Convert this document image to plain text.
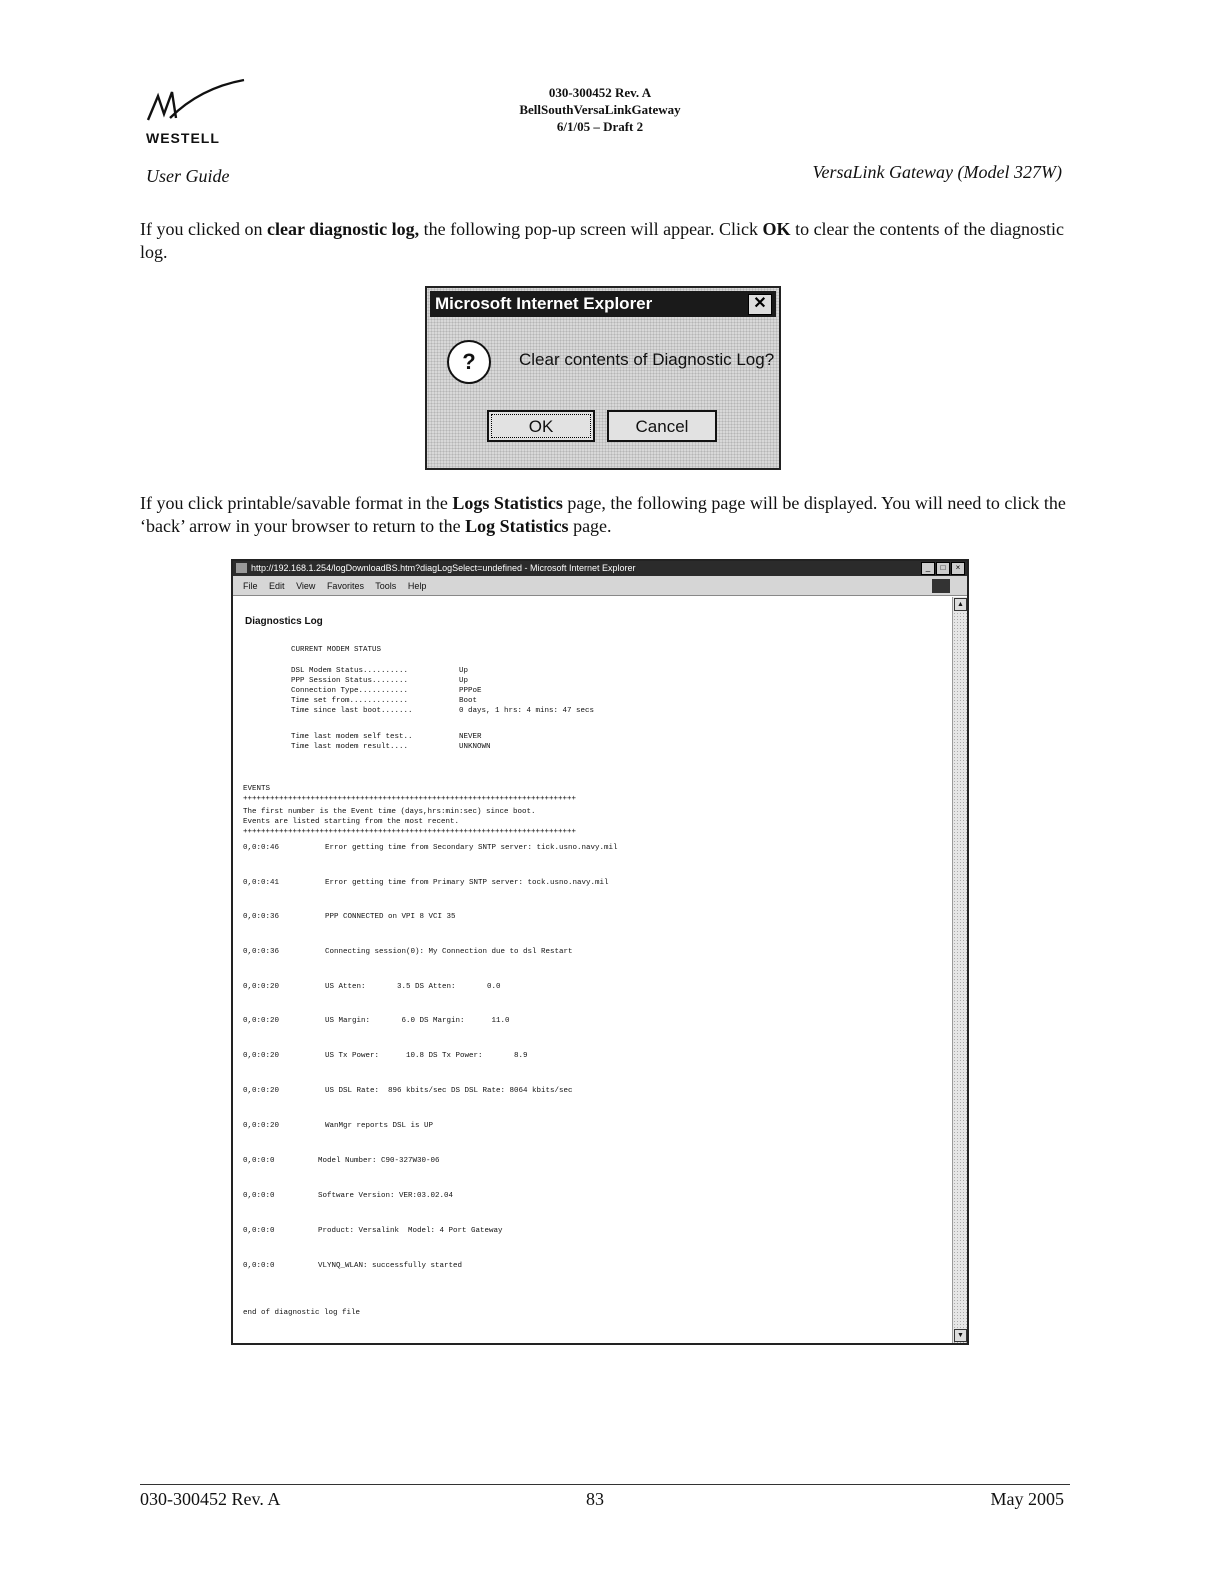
WESTELL
030-300452 Rev. A
BellSouthVersaLinkGateway
6/1/05 – Draft 2
User Guide	VersaLink Gateway (Model 327W)
If you clicked on clear diagnostic log, the following pop-up screen will appear. Click OK to clear the contents of the diagnostic log.
Microsoft Internet Explorer	✕
?	Clear contents of Diagnostic Log?
OK	Cancel
If you click printable/savable format in the Logs Statistics page, the following page will be displayed. You will need to click the ‘back’ arrow in your browser to return to the Log Statistics page.
http://192.168.1.254/logDownloadBS.htm?diagLogSelect=undefined - Microsoft Internet Explorer	_ □ ×
File Edit View Favorites Tools Help
▲
▼
Diagnostics Log
CURRENT MODEM STATUS
DSL Modem Status..........	Up
PPP Session Status........	Up
Connection Type...........	PPPoE
Time set from.............	Boot
Time since last boot.......	0 days, 1 hrs: 4 mins: 47 secs
Time last modem self test..	NEVER
Time last modem result....	UNKNOWN
EVENTS
++++++++++++++++++++++++++++++++++++++++++++++++++++++++++++++++++++++++++
The first number is the Event time (days,hrs:min:sec) since boot.
Events are listed starting from the most recent.
++++++++++++++++++++++++++++++++++++++++++++++++++++++++++++++++++++++++++
0,0:0:46	Error getting time from Secondary SNTP server: tick.usno.navy.mil
0,0:0:41	Error getting time from Primary SNTP server: tock.usno.navy.mil
0,0:0:36	PPP CONNECTED on VPI 8 VCI 35
0,0:0:36	Connecting session(0): My Connection due to dsl Restart
0,0:0:20	US Atten:       3.5 DS Atten:       0.0
0,0:0:20	US Margin:       6.0 DS Margin:      11.0
0,0:0:20	US Tx Power:      10.8 DS Tx Power:       8.9
0,0:0:20	US DSL Rate:  896 kbits/sec DS DSL Rate: 8064 kbits/sec
0,0:0:20	WanMgr reports DSL is UP
0,0:0:0	Model Number: C90-327W30-06
0,0:0:0	Software Version: VER:03.02.04
0,0:0:0	Product: Versalink  Model: 4 Port Gateway
0,0:0:0	VLYNQ_WLAN: successfully started
end of diagnostic log file
030-300452 Rev. A	83	May 2005
